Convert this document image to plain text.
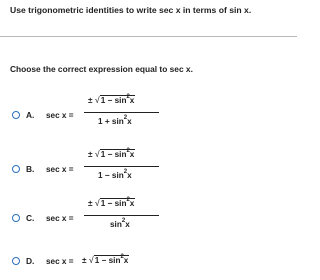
Use trigonometric identities to write sec x in terms of sin x.
Choose the correct expression equal to sec x.
A. sec x =
± $√1 - \sin^2x$
$1 + \sin^2x$
B. sec x =
± $√1 - \sin^2x$
$1 - \sin^2x$
C. sec x =
± $√1 - \sin^2x$
$\sin^2x$
D. sec x = ± $√1 - \sin^2x$
